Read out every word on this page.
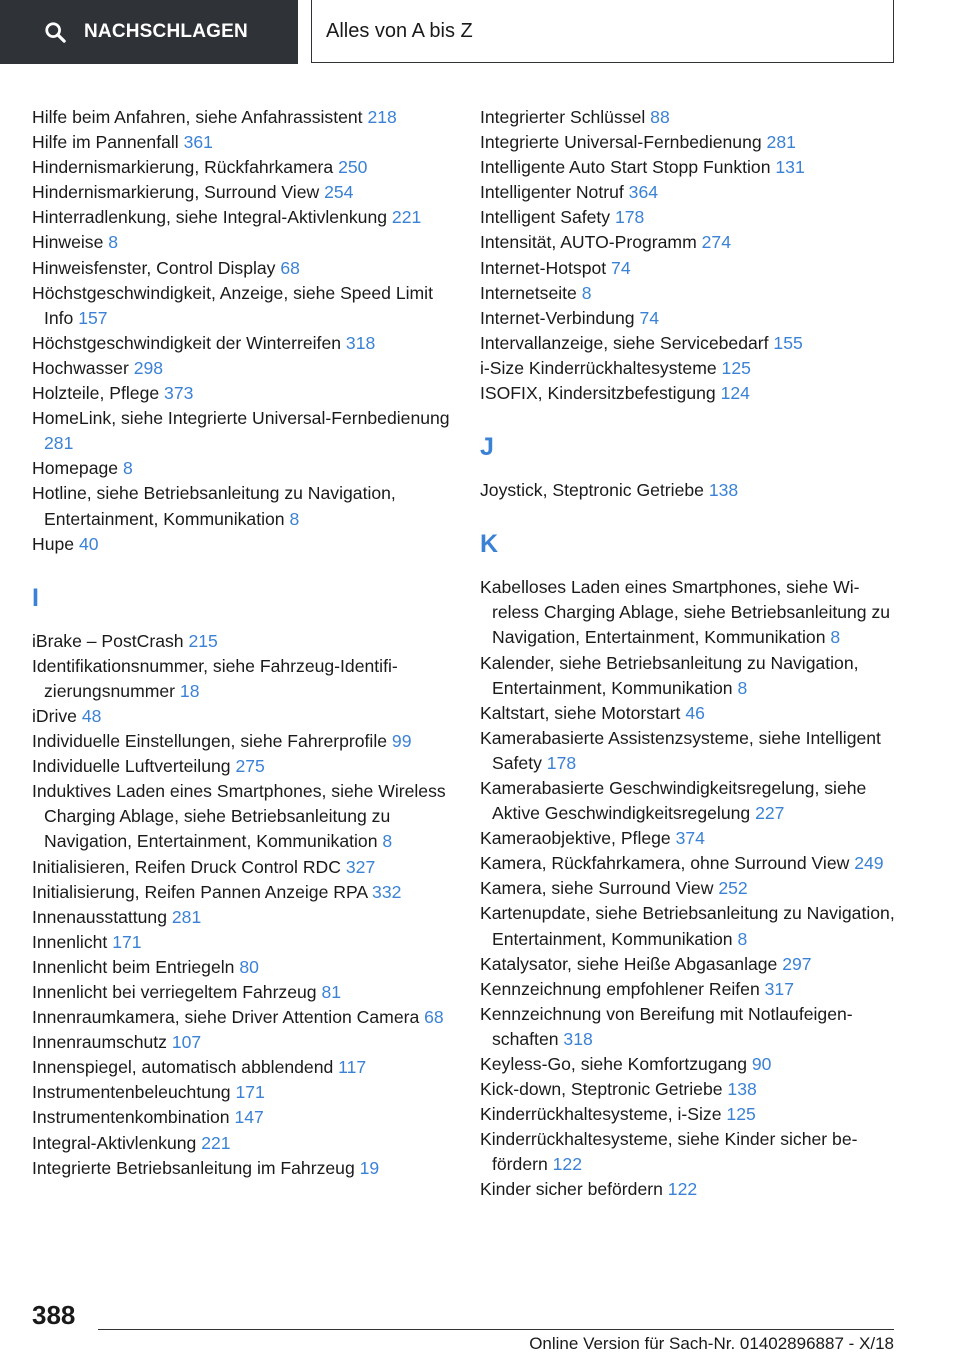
NACHSCHLAGEN	Alles von A bis Z
Hilfe beim Anfahren, siehe Anfahrassistent 218
Hilfe im Pannenfall 361
Hindernismarkierung, Rückfahrkamera 250
Hindernismarkierung, Surround View 254
Hinterradlenkung, siehe Integral-Aktivlenkung 221
Hinweise 8
Hinweisfenster, Control Display 68
Höchstgeschwindigkeit, Anzeige, siehe Speed Limit Info 157
Höchstgeschwindigkeit der Winterreifen 318
Hochwasser 298
Holzteile, Pflege 373
HomeLink, siehe Integrierte Universal-Fernbedienung 281
Homepage 8
Hotline, siehe Betriebsanleitung zu Navigation, Entertainment, Kommunikation 8
Hupe 40
I
iBrake – PostCrash 215
Identifikationsnummer, siehe Fahrzeug-Identifizierungsnummer 18
iDrive 48
Individuelle Einstellungen, siehe Fahrerprofile 99
Individuelle Luftverteilung 275
Induktives Laden eines Smartphones, siehe Wireless Charging Ablage, siehe Betriebsanleitung zu Navigation, Entertainment, Kommunikation 8
Initialisieren, Reifen Druck Control RDC 327
Initialisierung, Reifen Pannen Anzeige RPA 332
Innenausstattung 281
Innenlicht 171
Innenlicht beim Entriegeln 80
Innenlicht bei verriegeltem Fahrzeug 81
Innenraumkamera, siehe Driver Attention Camera 68
Innenraumschutz 107
Innenspiegel, automatisch abblendend 117
Instrumentenbeleuchtung 171
Instrumentenkombination 147
Integral-Aktivlenkung 221
Integrierte Betriebsanleitung im Fahrzeug 19
Integrierter Schlüssel 88
Integrierte Universal-Fernbedienung 281
Intelligente Auto Start Stopp Funktion 131
Intelligenter Notruf 364
Intelligent Safety 178
Intensität, AUTO-Programm 274
Internet-Hotspot 74
Internetseite 8
Internet-Verbindung 74
Intervallanzeige, siehe Servicebedarf 155
i-Size Kinderrückhaltesysteme 125
ISOFIX, Kindersitzbefestigung 124
J
Joystick, Steptronic Getriebe 138
K
Kabelloses Laden eines Smartphones, siehe Wireless Charging Ablage, siehe Betriebsanleitung zu Navigation, Entertainment, Kommunikation 8
Kalender, siehe Betriebsanleitung zu Navigation, Entertainment, Kommunikation 8
Kaltstart, siehe Motorstart 46
Kamerabasierte Assistenzsysteme, siehe Intelligent Safety 178
Kamerabasierte Geschwindigkeitsregelung, siehe Aktive Geschwindigkeitsregelung 227
Kameraobjektive, Pflege 374
Kamera, Rückfahrkamera, ohne Surround View 249
Kamera, siehe Surround View 252
Kartenupdate, siehe Betriebsanleitung zu Navigation, Entertainment, Kommunikation 8
Katalysator, siehe Heiße Abgasanlage 297
Kennzeichnung empfohlener Reifen 317
Kennzeichnung von Bereifung mit Notlaufeigenschaften 318
Keyless-Go, siehe Komfortzugang 90
Kick-down, Steptronic Getriebe 138
Kinderrückhaltesysteme, i-Size 125
Kinderrückhaltesysteme, siehe Kinder sicher befördern 122
Kinder sicher befördern 122
388
Online Version für Sach-Nr. 01402896887 - X/18
